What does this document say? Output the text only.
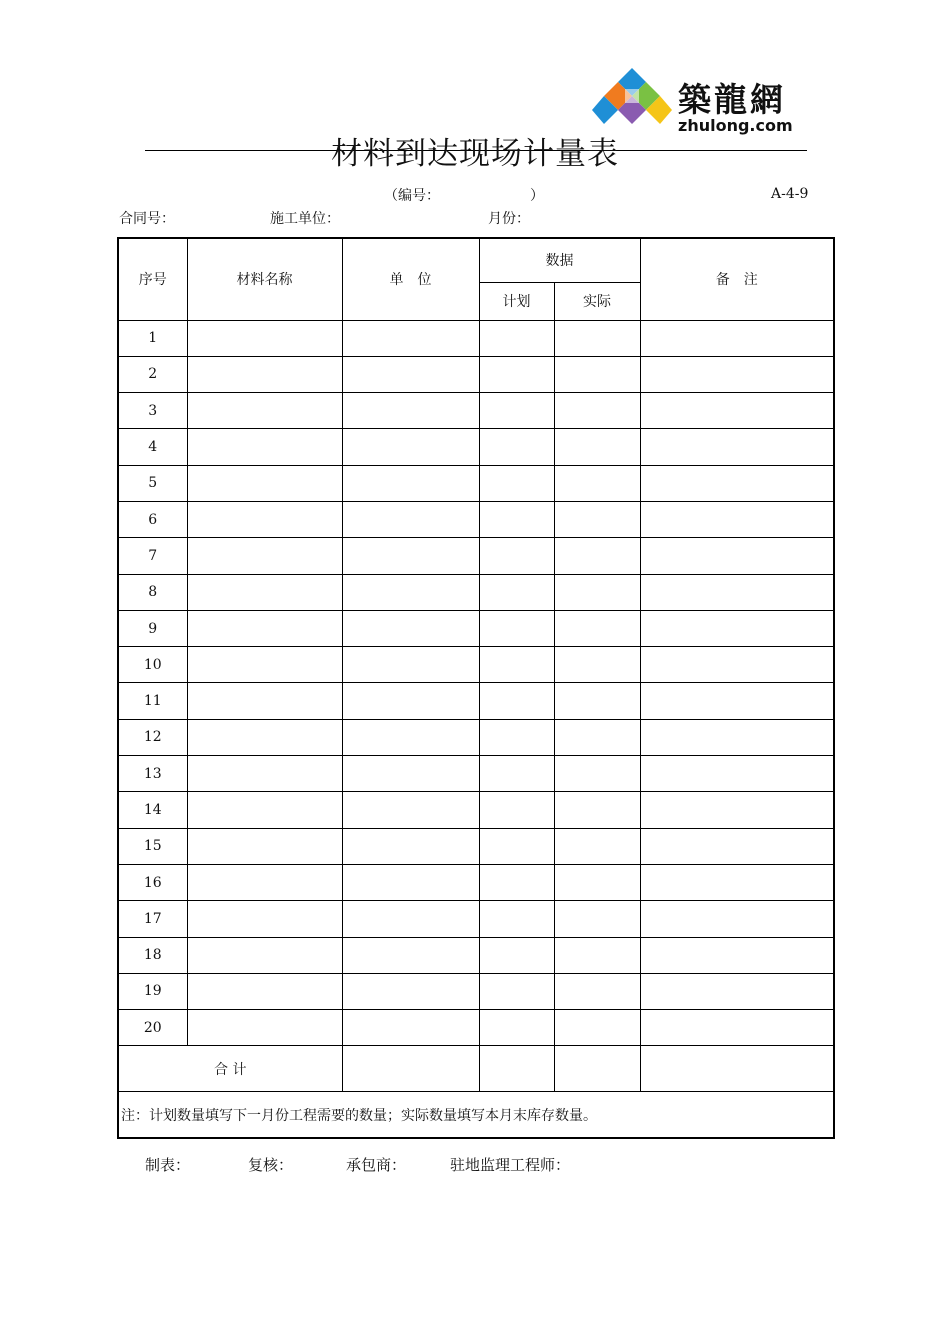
築龍網
zhulong.com
材料到达现场计量表
（编号：	）	A-4-9
合同号：	施工单位：	月份：
序号	材料名称	单　位	数据		备　注
			计划	实际	
1					
2					
3					
4					
5					
6					
7					
8					
9					
10					
11					
12					
13					
14					
15					
16					
17					
18					
19					
20					
合 计					
注：计划数量填写下一月份工程需要的数量；实际数量填写本月末库存数量。					
制表：	复核：	承包商：	驻地监理工程师：
